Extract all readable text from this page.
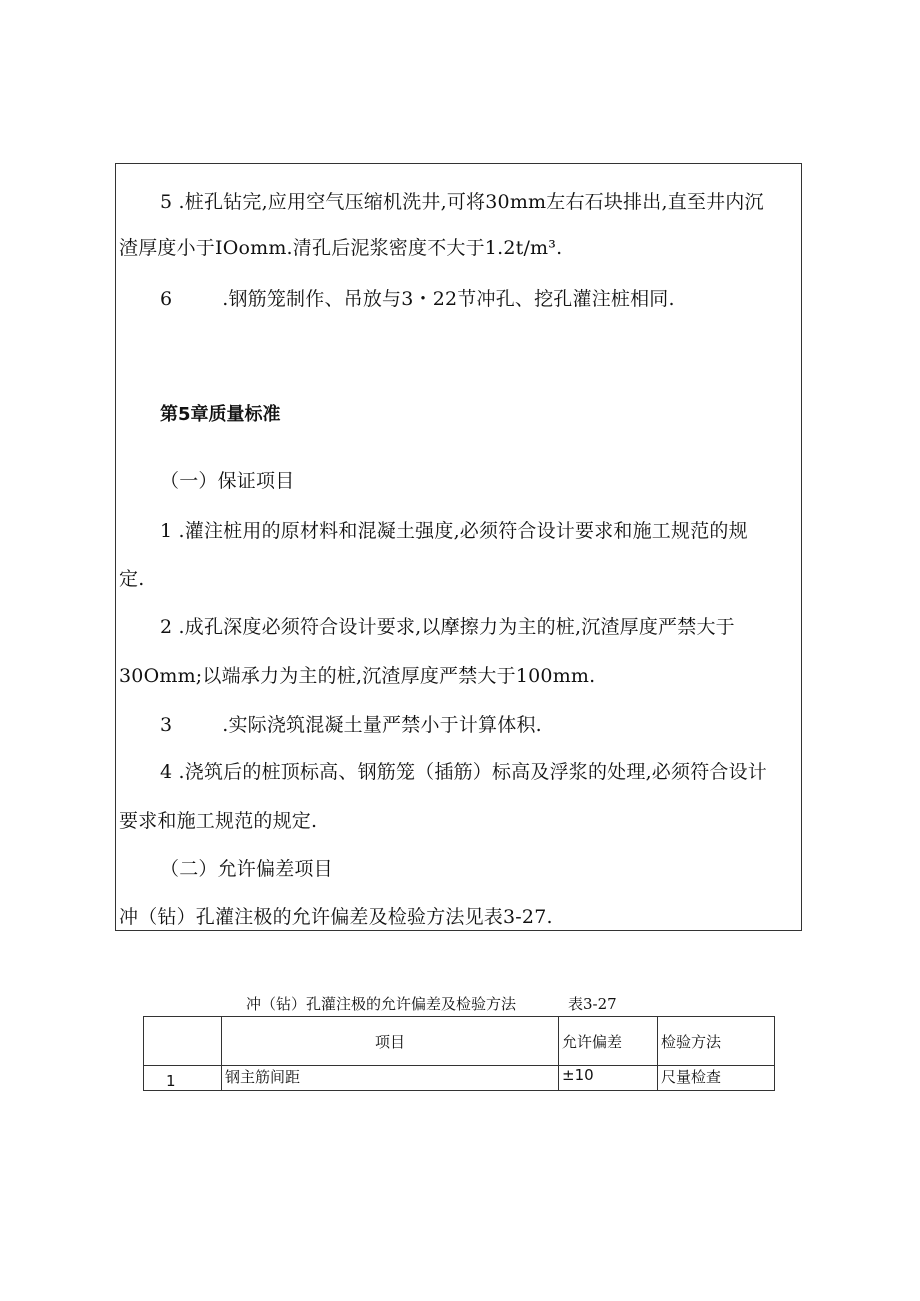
5 .桩孔钻完,应用空气压缩机洗井,可将30mm左右石块排出,直至井内沉
渣厚度小于IOomm.清孔后泥浆密度不大于1.2t/m³.
6        .钢筋笼制作、吊放与3・22节冲孔、挖孔灌注桩相同.
第5章质量标准
（一）保证项目
1 .灌注桩用的原材料和混凝土强度,必须符合设计要求和施工规范的规
定.
2 .成孔深度必须符合设计要求,以摩擦力为主的桩,沉渣厚度严禁大于
30Omm;以端承力为主的桩,沉渣厚度严禁大于100mm.
3        .实际浇筑混凝土量严禁小于计算体积.
4 .浇筑后的桩顶标高、钢筋笼（插筋）标高及浮浆的处理,必须符合设计
要求和施工规范的规定.
（二）允许偏差项目
冲（钻）孔灌注极的允许偏差及检验方法见表3-27.
冲（钻）孔灌注极的允许偏差及检验方法	表3-27
	项目	允许偏差	检验方法
1	钢主筋间距	±10	尺量检查
